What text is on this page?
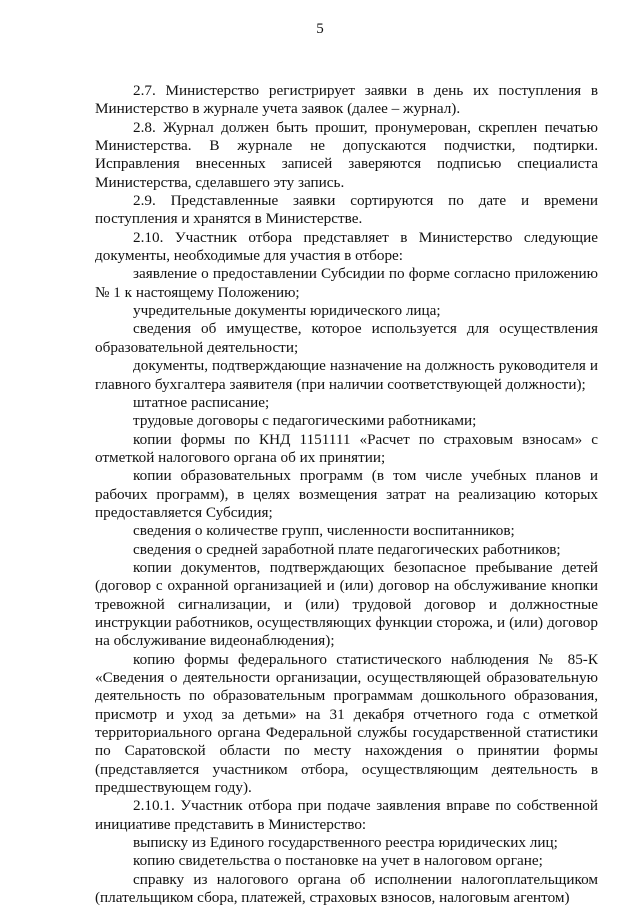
5

2.7. Министерство регистрирует заявки в день их поступления в Министерство в журнале учета заявок (далее – журнал).

2.8. Журнал должен быть прошит, пронумерован, скреплен печатью Министерства. В журнале не допускаются подчистки, подтирки. Исправления внесенных записей заверяются подписью специалиста Министерства, сделавшего эту запись.

2.9. Представленные заявки сортируются по дате и времени поступления и хранятся в Министерстве.

2.10. Участник отбора представляет в Министерство следующие документы, необходимые для участия в отборе:

заявление о предоставлении Субсидии по форме согласно приложению № 1 к настоящему Положению;

учредительные документы юридического лица;

сведения об имуществе, которое используется для осуществления образовательной деятельности;

документы, подтверждающие назначение на должность руководителя и главного бухгалтера заявителя (при наличии соответствующей должности);

штатное расписание;

трудовые договоры с педагогическими работниками;

копии формы по КНД 1151111 «Расчет по страховым взносам» с отметкой налогового органа об их принятии;

копии образовательных программ (в том числе учебных планов и рабочих программ), в целях возмещения затрат на реализацию которых предоставляется Субсидия;

сведения о количестве групп, численности воспитанников;

сведения о средней заработной плате педагогических работников;

копии документов, подтверждающих безопасное пребывание детей (договор с охранной организацией и (или) договор на обслуживание кнопки тревожной сигнализации, и (или) трудовой договор и должностные инструкции работников, осуществляющих функции сторожа, и (или) договор на обслуживание видеонаблюдения);

копию формы федерального статистического наблюдения № 85-К «Сведения о деятельности организации, осуществляющей образовательную деятельность по образовательным программам дошкольного образования, присмотр и уход за детьми» на 31 декабря отчетного года с отметкой территориального органа Федеральной службы государственной статистики по Саратовской области по месту нахождения о принятии формы (представляется участником отбора, осуществляющим деятельность в предшествующем году).

2.10.1. Участник отбора при подаче заявления вправе по собственной инициативе представить в Министерство:

выписку из Единого государственного реестра юридических лиц;

копию свидетельства о постановке на учет в налоговом органе;

справку из налогового органа об исполнении налогоплательщиком (плательщиком сбора, платежей, страховых взносов, налоговым агентом)
